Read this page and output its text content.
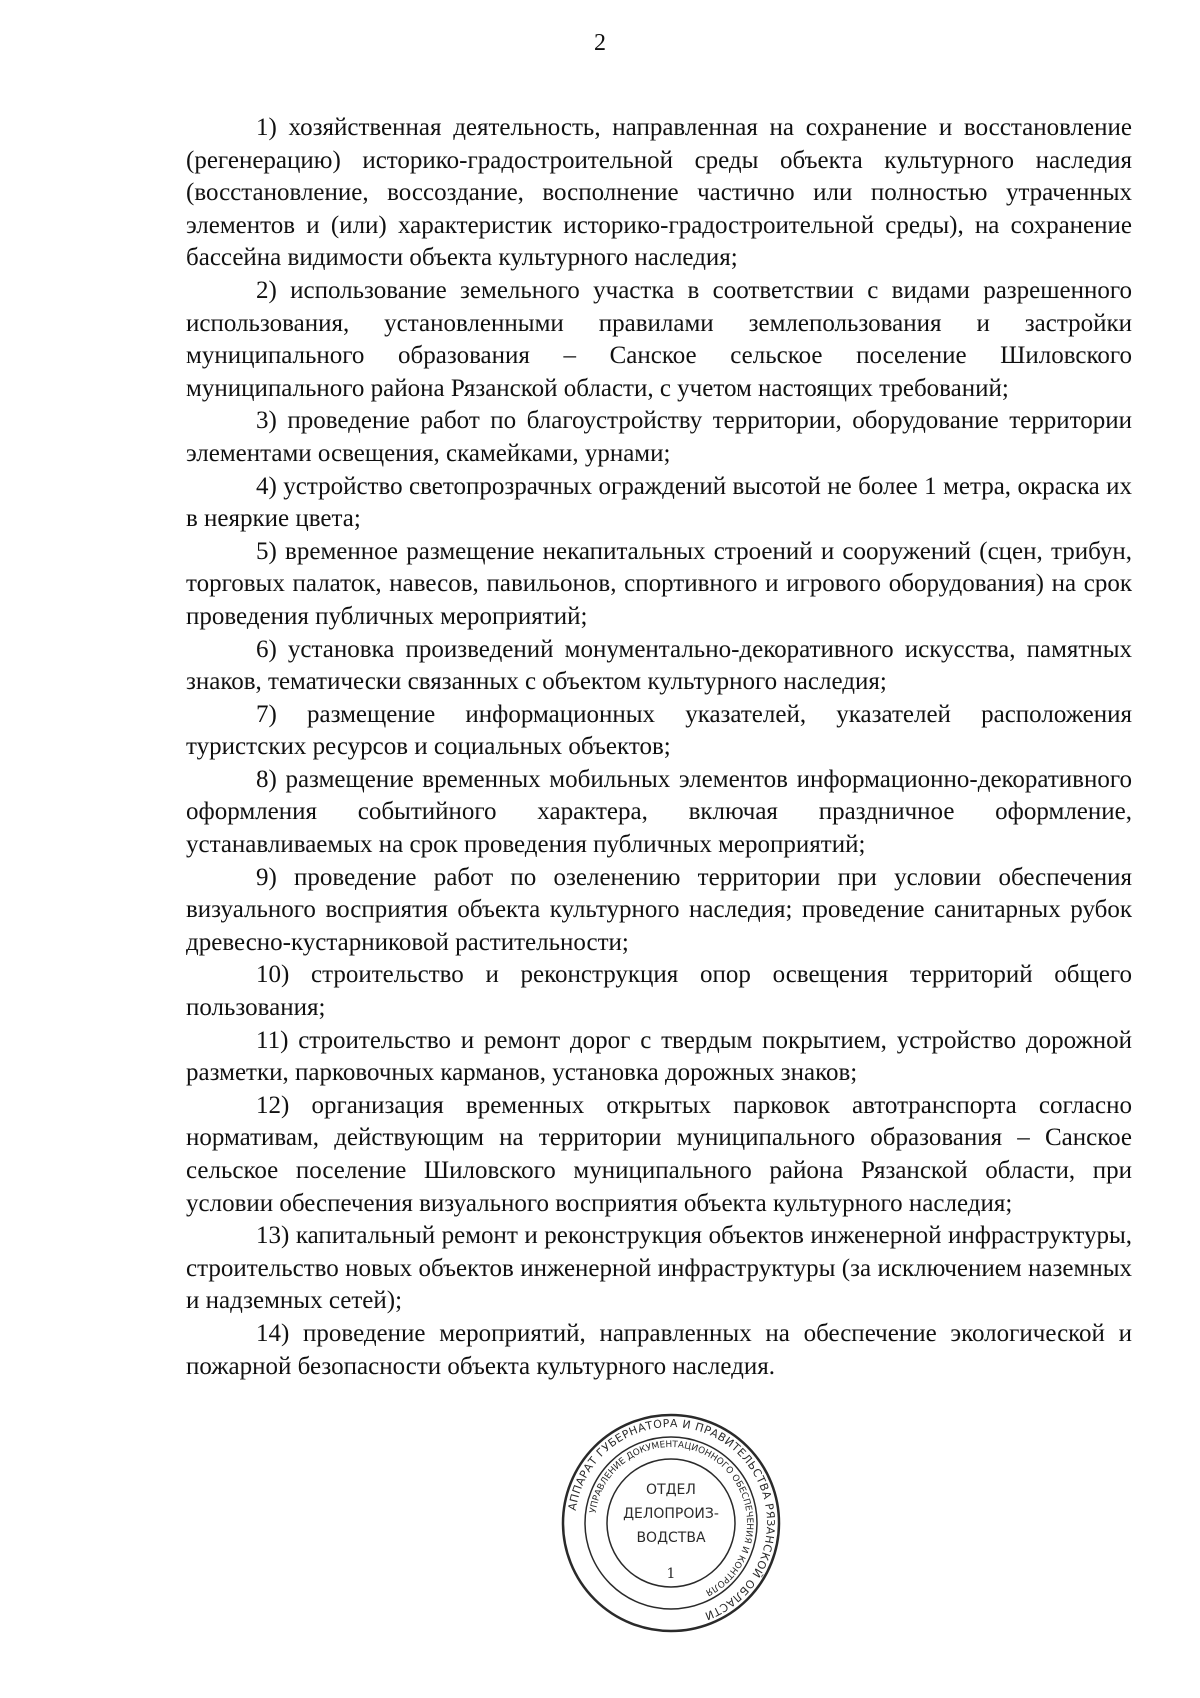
2

1) хозяйственная деятельность, направленная на сохранение и восстановление (регенерацию) историко-градостроительной среды объекта культурного наследия (восстановление, воссоздание, восполнение частично или полностью утраченных элементов и (или) характеристик историко-градостроительной среды), на сохранение бассейна видимости объекта культурного наследия;

2) использование земельного участка в соответствии с видами разрешенного использования, установленными правилами землепользования и застройки муниципального образования – Санское сельское поселение Шиловского муниципального района Рязанской области, с учетом настоящих требований;

3) проведение работ по благоустройству территории, оборудование территории элементами освещения, скамейками, урнами;

4) устройство светопрозрачных ограждений высотой не более 1 метра, окраска их в неяркие цвета;

5) временное размещение некапитальных строений и сооружений (сцен, трибун, торговых палаток, навесов, павильонов, спортивного и игрового оборудования) на срок проведения публичных мероприятий;

6) установка произведений монументально-декоративного искусства, памятных знаков, тематически связанных с объектом культурного наследия;

7) размещение информационных указателей, указателей расположения туристских ресурсов и социальных объектов;

8) размещение временных мобильных элементов информационно-декоративного оформления событийного характера, включая праздничное оформление, устанавливаемых на срок проведения публичных мероприятий;

9) проведение работ по озеленению территории при условии обеспечения визуального восприятия объекта культурного наследия; проведение санитарных рубок древесно-кустарниковой растительности;

10) строительство и реконструкция опор освещения территорий общего пользования;

11) строительство и ремонт дорог с твердым покрытием, устройство дорожной разметки, парковочных карманов, установка дорожных знаков;

12) организация временных открытых парковок автотранспорта согласно нормативам, действующим на территории муниципального образования – Санское сельское поселение Шиловского муниципального района Рязанской области, при условии обеспечения визуального восприятия объекта культурного наследия;

13) капитальный ремонт и реконструкция объектов инженерной инфраструктуры, строительство новых объектов инженерной инфраструктуры (за исключением наземных и надземных сетей);

14) проведение мероприятий, направленных на обеспечение экологической и пожарной безопасности объекта культурного наследия.

АППАРАТ ГУБЕРНАТОРА И ПРАВИТЕЛЬСТВА РЯЗАНСКОЙ ОБЛАСТИ
УПРАВЛЕНИЕ ДОКУМЕНТАЦИОННОГО ОБЕСПЕЧЕНИЯ И КОНТРОЛЯ
ОТДЕЛ
ДЕЛОПРОИЗ-
ВОДСТВА
1
